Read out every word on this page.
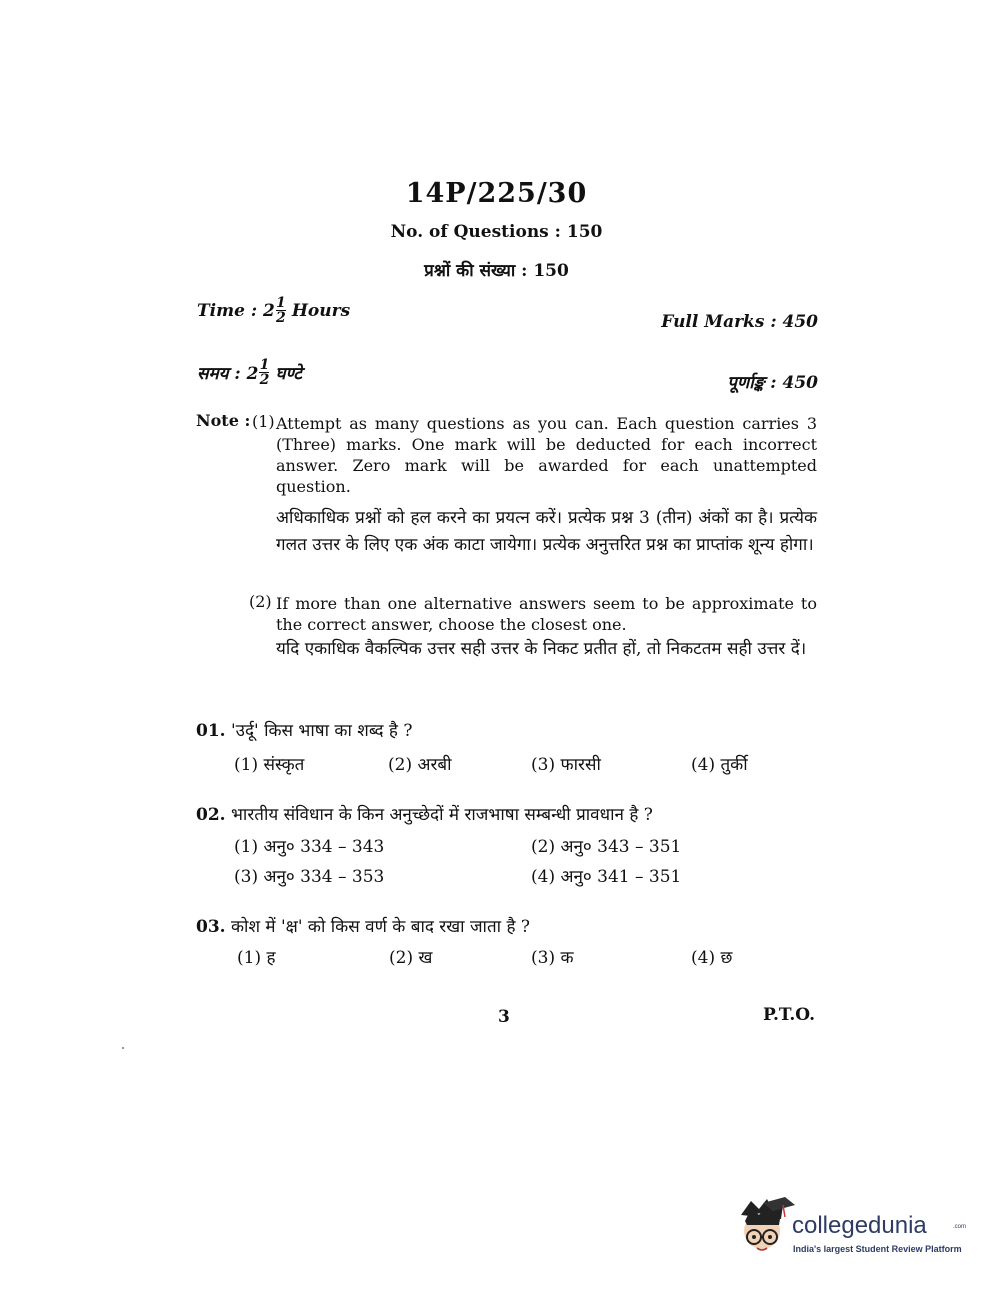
14P/225/30
No. of Questions : 150
प्रश्नों की संख्या : 150
Time : $2 \frac{1}{2}$ Hours
Full Marks : 450
समय : $2 \frac{1}{2}$ घण्टे	पूर्णाङ्क : 450
Note : (1) Attempt as many questions as you can. Each question carries 3 (Three) marks. One mark will be deducted for each incorrect answer. Zero mark will be awarded for each unattempted question.
अधिकाधिक प्रश्नों को हल करने का प्रयत्न करें। प्रत्येक प्रश्न 3 (तीन) अंकों का है। प्रत्येक गलत उत्तर के लिए एक अंक काटा जायेगा। प्रत्येक अनुत्तरित प्रश्न का प्राप्तांक शून्य होगा।
(2) If more than one alternative answers seem to be approximate to the correct answer, choose the closest one.
यदि एकाधिक वैकल्पिक उत्तर सही उत्तर के निकट प्रतीत हों, तो निकटतम सही उत्तर दें।
01. 'उर्दू' किस भाषा का शब्द है ?
(1) संस्कृत	(2) अरबी	(3) फारसी	(4) तुर्की
02. भारतीय संविधान के किन अनुच्छेदों में राजभाषा सम्बन्धी प्रावधान है ?
(1) अनु० 334 – 343	(2) अनु० 343 – 351
(3) अनु० 334 – 353	(4) अनु० 341 – 351
03. कोश में 'क्ष' को किस वर्ण के बाद रखा जाता है ?
(1) ह	(2) ख	(3) क	(4) छ
3	P.T.O.
collegedunia	.com
India's largest Student Review Platform
